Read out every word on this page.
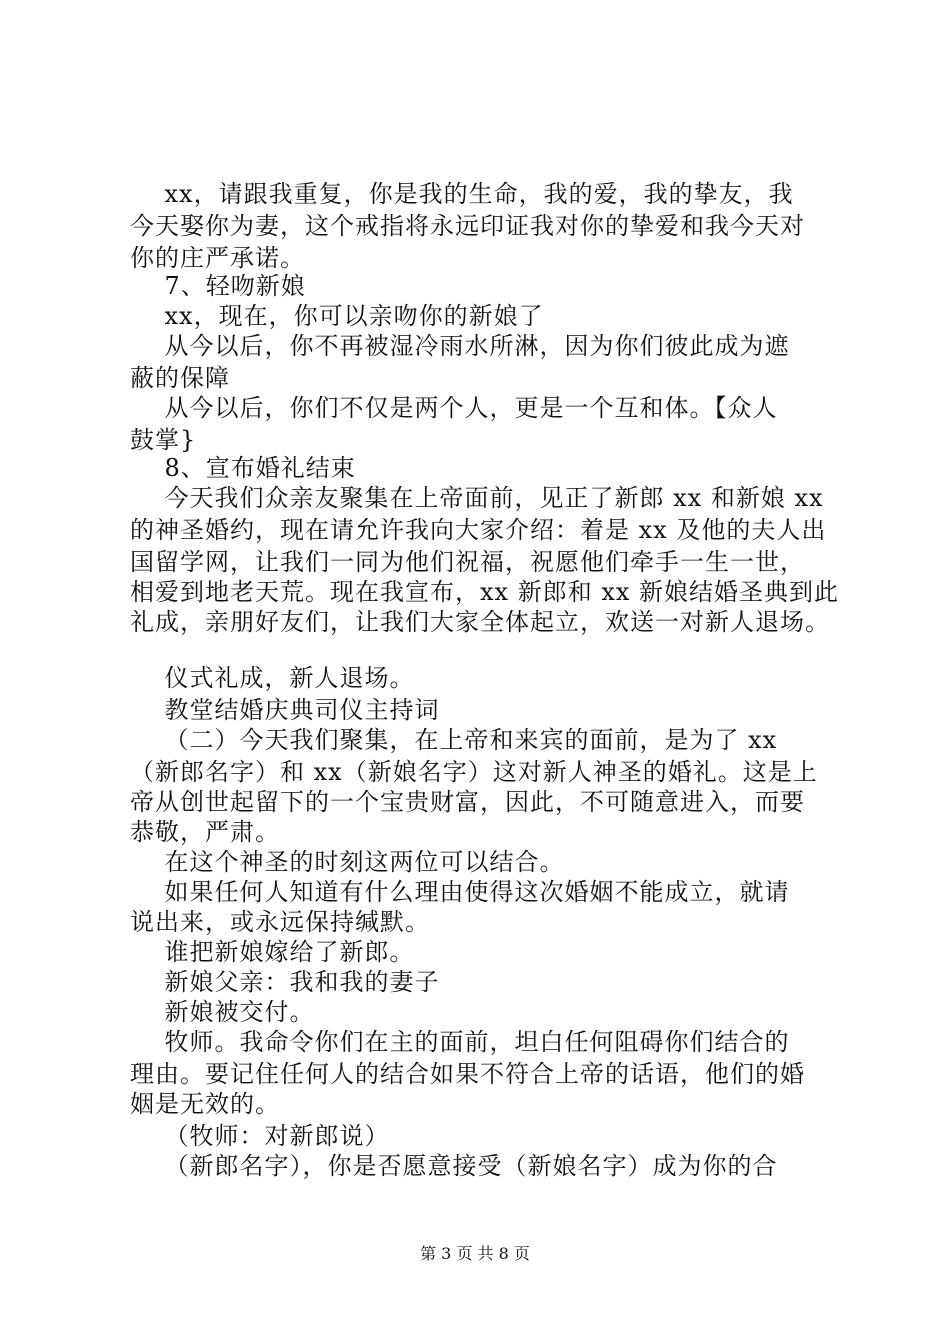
xx，请跟我重复，你是我的生命，我的爱，我的挚友，我
今天娶你为妻，这个戒指将永远印证我对你的挚爱和我今天对
你的庄严承诺。
7、轻吻新娘
xx，现在，你可以亲吻你的新娘了
从今以后，你不再被湿冷雨水所淋，因为你们彼此成为遮
蔽的保障
从今以后，你们不仅是两个人，更是一个互和体。【众人
鼓掌}
8、宣布婚礼结束
今天我们众亲友聚集在上帝面前，见正了新郎 xx 和新娘 xx
的神圣婚约，现在请允许我向大家介绍：着是 xx 及他的夫人出
国留学网，让我们一同为他们祝福，祝愿他们牵手一生一世，
相爱到地老天荒。现在我宣布，xx 新郎和 xx 新娘结婚圣典到此
礼成，亲朋好友们，让我们大家全体起立，欢送一对新人退场。
仪式礼成，新人退场。
教堂结婚庆典司仪主持词
（二）今天我们聚集，在上帝和来宾的面前，是为了 xx
（新郎名字）和 xx（新娘名字）这对新人神圣的婚礼。这是上
帝从创世起留下的一个宝贵财富，因此，不可随意进入，而要
恭敬，严肃。
在这个神圣的时刻这两位可以结合。
如果任何人知道有什么理由使得这次婚姻不能成立，就请
说出来，或永远保持缄默。
谁把新娘嫁给了新郎。
新娘父亲：我和我的妻子
新娘被交付。
牧师。我命令你们在主的面前，坦白任何阻碍你们结合的
理由。要记住任何人的结合如果不符合上帝的话语，他们的婚
姻是无效的。
（牧师：对新郎说）
（新郎名字），你是否愿意接受（新娘名字）成为你的合
第 3 页 共 8 页
